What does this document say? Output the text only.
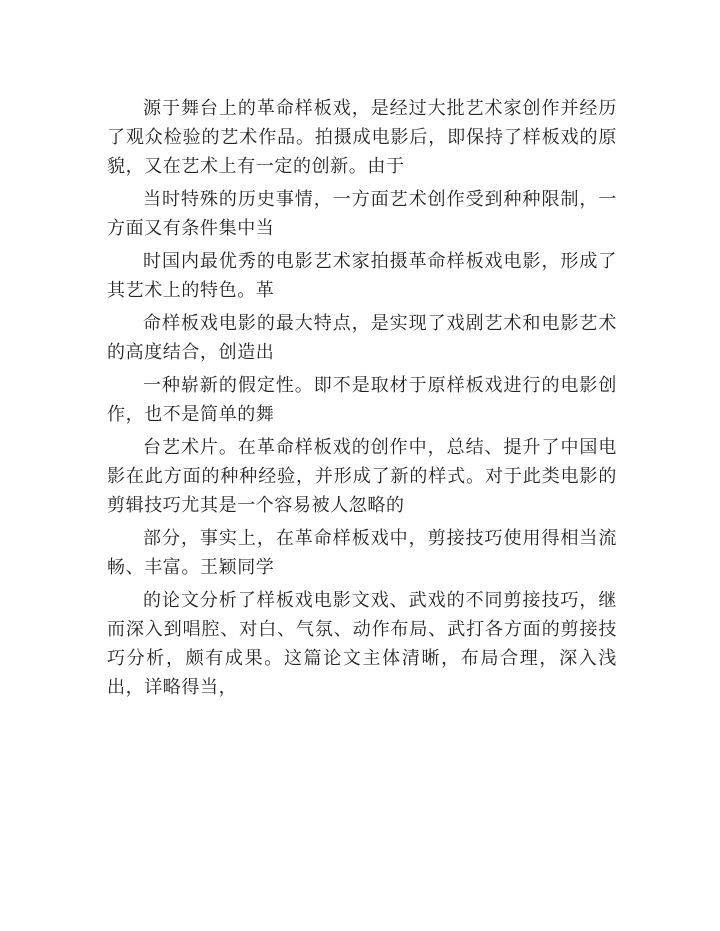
源于舞台上的革命样板戏，是经过大批艺术家创作并经历了观众检验的艺术作品。拍摄成电影后，即保持了样板戏的原貌，又在艺术上有一定的创新。由于

当时特殊的历史事情，一方面艺术创作受到种种限制，一方面又有条件集中当

时国内最优秀的电影艺术家拍摄革命样板戏电影，形成了其艺术上的特色。革

命样板戏电影的最大特点，是实现了戏剧艺术和电影艺术的高度结合，创造出

一种崭新的假定性。即不是取材于原样板戏进行的电影创作，也不是简单的舞

台艺术片。在革命样板戏的创作中，总结、提升了中国电影在此方面的种种经验，并形成了新的样式。对于此类电影的剪辑技巧尤其是一个容易被人忽略的

部分，事实上，在革命样板戏中，剪接技巧使用得相当流畅、丰富。王颖同学

的论文分析了样板戏电影文戏、武戏的不同剪接技巧，继而深入到唱腔、对白、气氛、动作布局、武打各方面的剪接技巧分析，颇有成果。这篇论文主体清晰，布局合理，深入浅出，详略得当，
